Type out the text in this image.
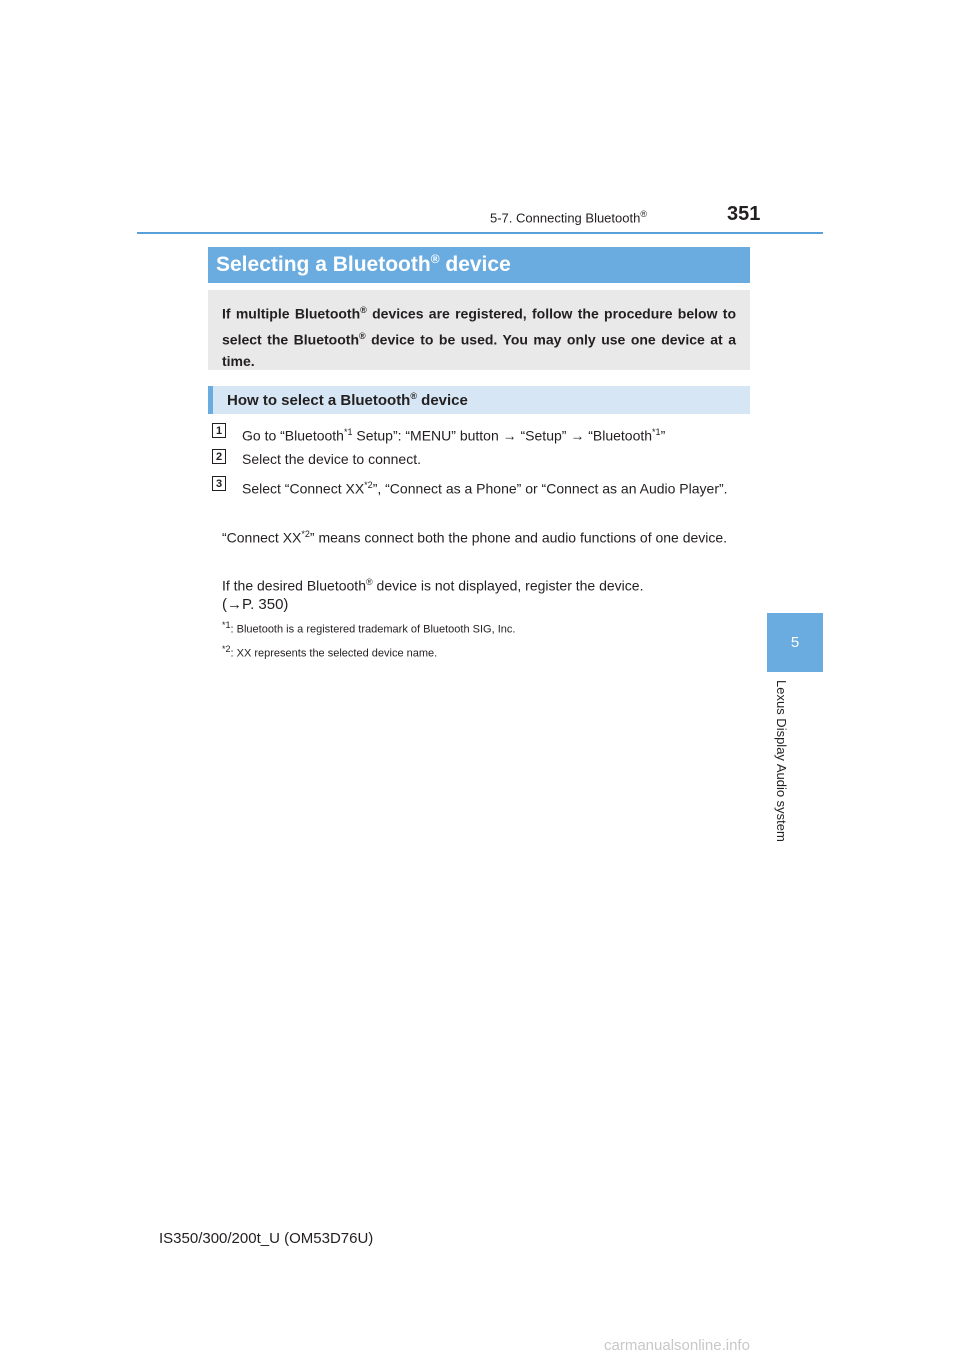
5-7. Connecting Bluetooth®	351
5
Lexus Display Audio system
Selecting a Bluetooth® device
If multiple Bluetooth® devices are registered, follow the procedure below to select the Bluetooth® device to be used. You may only use one device at a time.
How to select a Bluetooth® device
1 Go to “Bluetooth$^{*1}$ Setup”: “MENU” button → “Setup” → “Bluetooth$^{*1}$”
2 Select the device to connect.
3 Select “Connect XX$^{*2}$”, “Connect as a Phone” or “Connect as an Audio Player”.
“Connect XX$^{*2}$” means connect both the phone and audio functions of one device.
If the desired Bluetooth® device is not displayed, register the device.
(→P. 350)
$^{*1}$: Bluetooth is a registered trademark of Bluetooth SIG, Inc.
$^{*2}$: XX represents the selected device name.
IS350/300/200t_U (OM53D76U)
carmanualsonline.info
